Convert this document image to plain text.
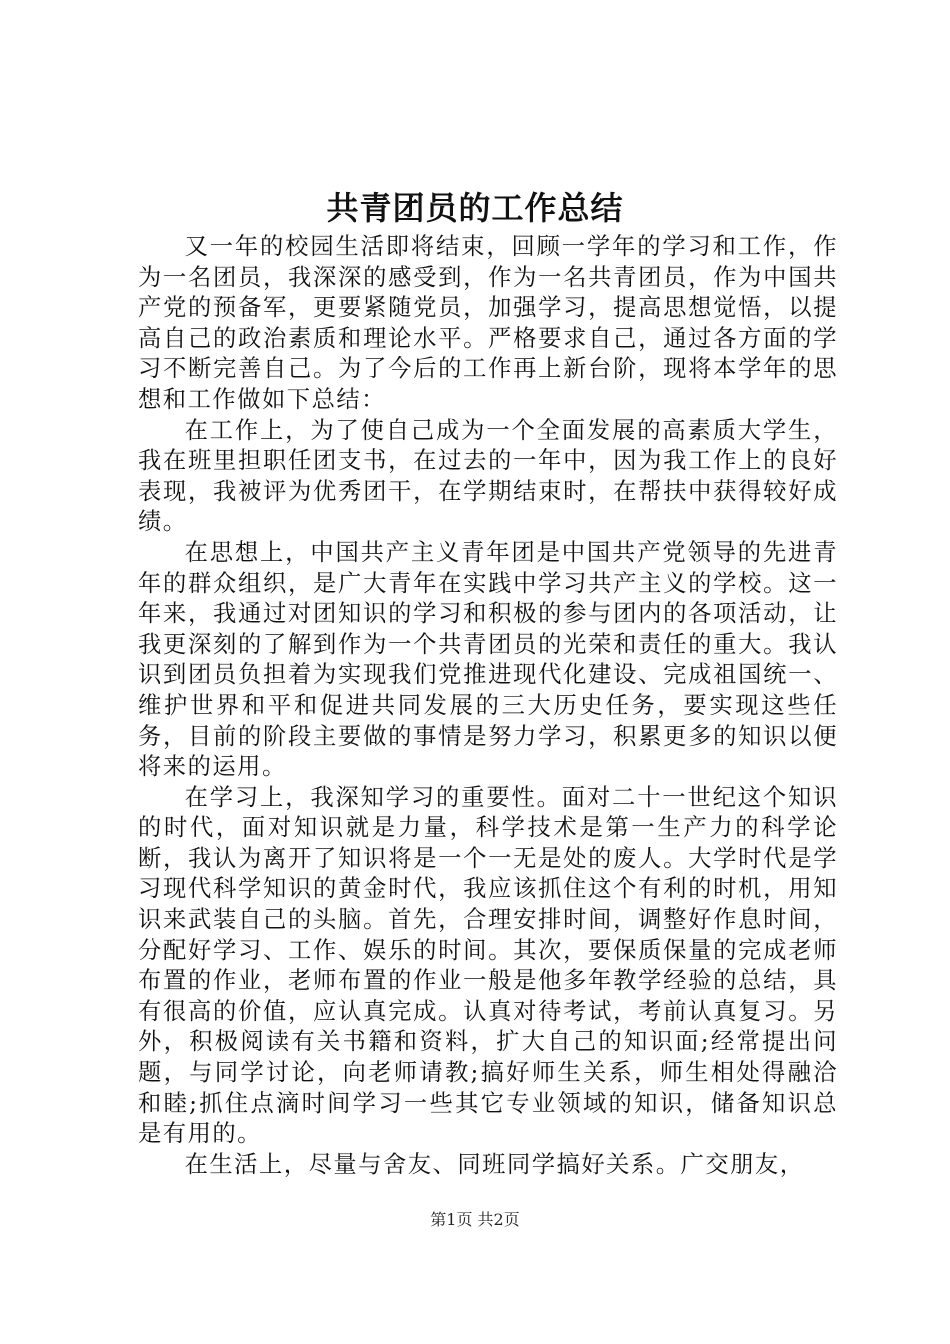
共青团员的工作总结

又一年的校园生活即将结束，回顾一学年的学习和工作，作为一名团员，我深深的感受到，作为一名共青团员，作为中国共产党的预备军，更要紧随党员，加强学习，提高思想觉悟，以提高自己的政治素质和理论水平。严格要求自己，通过各方面的学习不断完善自己。为了今后的工作再上新台阶，现将本学年的思想和工作做如下总结：

在工作上，为了使自己成为一个全面发展的高素质大学生，我在班里担职任团支书，在过去的一年中，因为我工作上的良好表现，我被评为优秀团干，在学期结束时，在帮扶中获得较好成绩。

在思想上，中国共产主义青年团是中国共产党领导的先进青年的群众组织，是广大青年在实践中学习共产主义的学校。这一年来，我通过对团知识的学习和积极的参与团内的各项活动，让我更深刻的了解到作为一个共青团员的光荣和责任的重大。我认识到团员负担着为实现我们党推进现代化建设、完成祖国统一、维护世界和平和促进共同发展的三大历史任务，要实现这些任务，目前的阶段主要做的事情是努力学习，积累更多的知识以便将来的运用。

在学习上，我深知学习的重要性。面对二十一世纪这个知识的时代，面对知识就是力量，科学技术是第一生产力的科学论断，我认为离开了知识将是一个一无是处的废人。大学时代是学习现代科学知识的黄金时代，我应该抓住这个有利的时机，用知识来武装自己的头脑。首先，合理安排时间，调整好作息时间，分配好学习、工作、娱乐的时间。其次，要保质保量的完成老师布置的作业，老师布置的作业一般是他多年教学经验的总结，具有很高的价值，应认真完成。认真对待考试，考前认真复习。另外，积极阅读有关书籍和资料，扩大自己的知识面;经常提出问题，与同学讨论，向老师请教;搞好师生关系，师生相处得融洽和睦;抓住点滴时间学习一些其它专业领域的知识，储备知识总是有用的。

在生活上，尽量与舍友、同班同学搞好关系。广交朋友，

第1页 共2页
